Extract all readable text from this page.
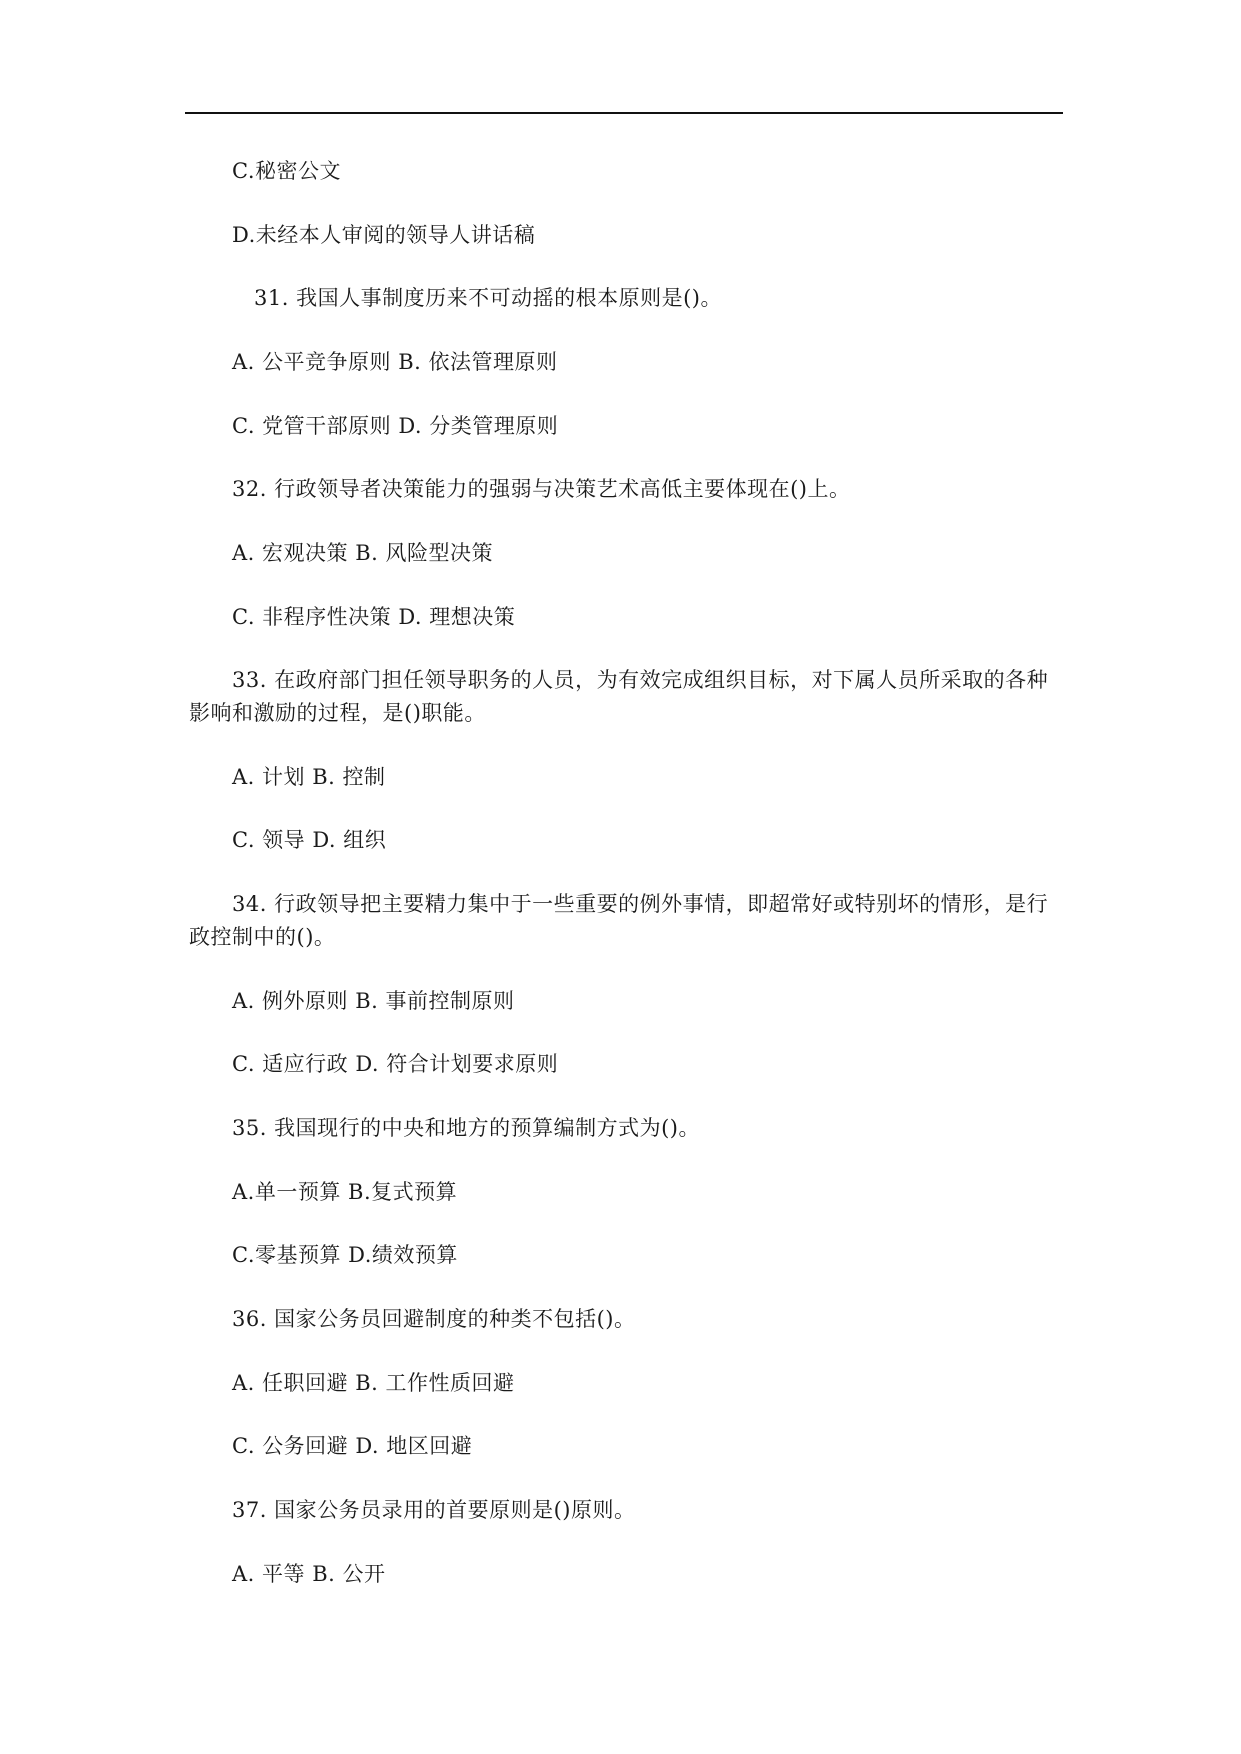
C.秘密公文
D.未经本人审阅的领导人讲话稿
31. 我国人事制度历来不可动摇的根本原则是()。
A. 公平竞争原则 B. 依法管理原则
C. 党管干部原则 D. 分类管理原则
32. 行政领导者决策能力的强弱与决策艺术高低主要体现在()上。
A. 宏观决策 B. 风险型决策
C. 非程序性决策 D. 理想决策
33. 在政府部门担任领导职务的人员，为有效完成组织目标，对下属人员所采取的各种
影响和激励的过程，是()职能。
A. 计划 B. 控制
C. 领导 D. 组织
34. 行政领导把主要精力集中于一些重要的例外事情，即超常好或特别坏的情形，是行
政控制中的()。
A. 例外原则 B. 事前控制原则
C. 适应行政 D. 符合计划要求原则
35. 我国现行的中央和地方的预算编制方式为()。
A.单一预算 B.复式预算
C.零基预算 D.绩效预算
36. 国家公务员回避制度的种类不包括()。
A. 任职回避 B. 工作性质回避
C. 公务回避 D. 地区回避
37. 国家公务员录用的首要原则是()原则。
A. 平等 B. 公开
